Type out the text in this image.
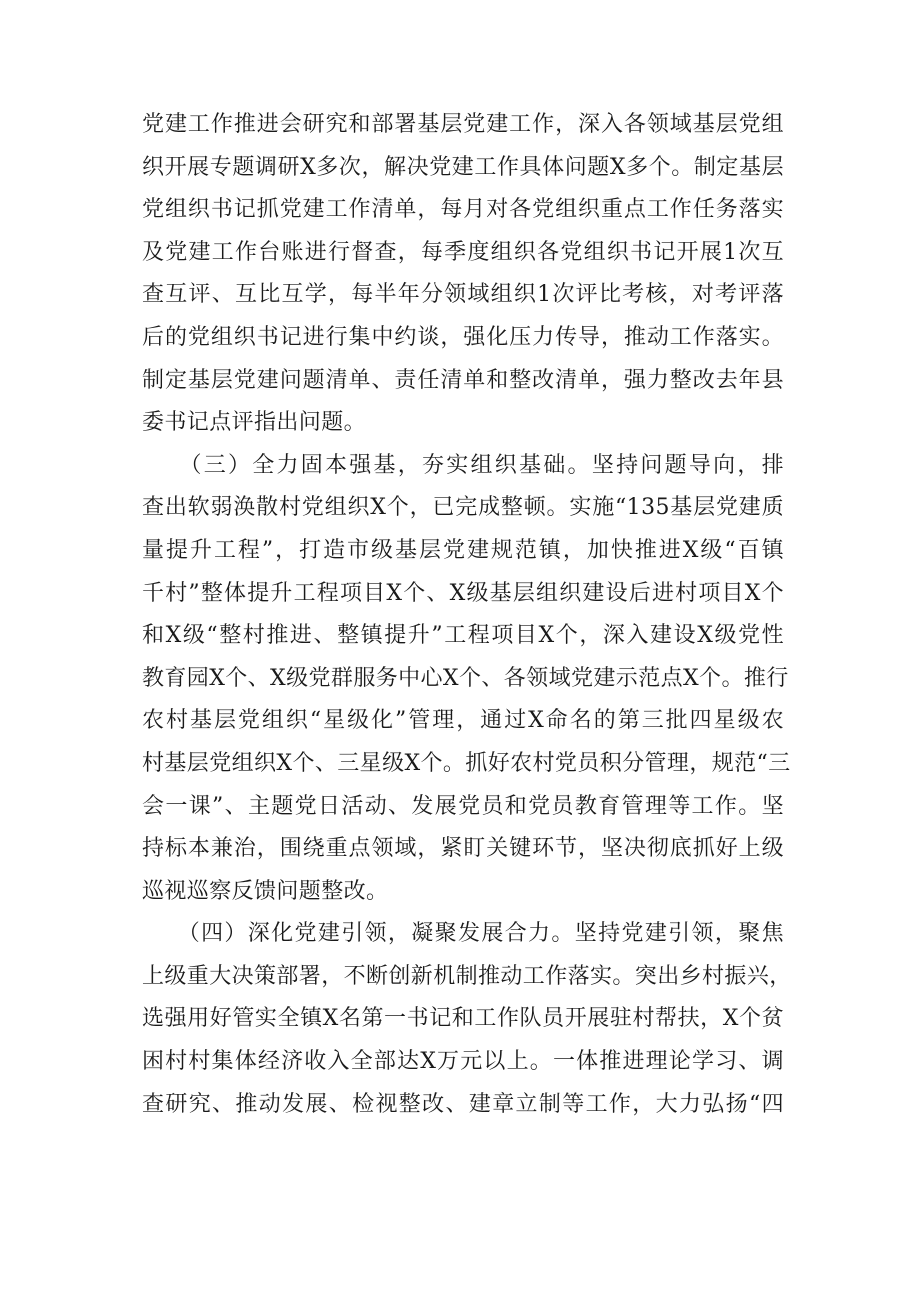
党建工作推进会研究和部署基层党建工作，深入各领域基层党组
织开展专题调研X多次，解决党建工作具体问题X多个。制定基层
党组织书记抓党建工作清单，每月对各党组织重点工作任务落实
及党建工作台账进行督查，每季度组织各党组织书记开展1次互
查互评、互比互学，每半年分领域组织1次评比考核，对考评落
后的党组织书记进行集中约谈，强化压力传导，推动工作落实。
制定基层党建问题清单、责任清单和整改清单，强力整改去年县
委书记点评指出问题。
　　（三）全力固本强基，夯实组织基础。坚持问题导向，排
查出软弱涣散村党组织X个，已完成整顿。实施“135基层党建质
量提升工程”，打造市级基层党建规范镇，加快推进X级“百镇
千村”整体提升工程项目X个、X级基层组织建设后进村项目X个
和X级“整村推进、整镇提升”工程项目X个，深入建设X级党性
教育园X个、X级党群服务中心X个、各领域党建示范点X个。推行
农村基层党组织“星级化”管理，通过X命名的第三批四星级农
村基层党组织X个、三星级X个。抓好农村党员积分管理，规范“三
会一课”、主题党日活动、发展党员和党员教育管理等工作。坚
持标本兼治，围绕重点领域，紧盯关键环节，坚决彻底抓好上级
巡视巡察反馈问题整改。
　　（四）深化党建引领，凝聚发展合力。坚持党建引领，聚焦
上级重大决策部署，不断创新机制推动工作落实。突出乡村振兴，
选强用好管实全镇X名第一书记和工作队员开展驻村帮扶，X个贫
困村村集体经济收入全部达X万元以上。一体推进理论学习、调
查研究、推动发展、检视整改、建章立制等工作，大力弘扬“四
